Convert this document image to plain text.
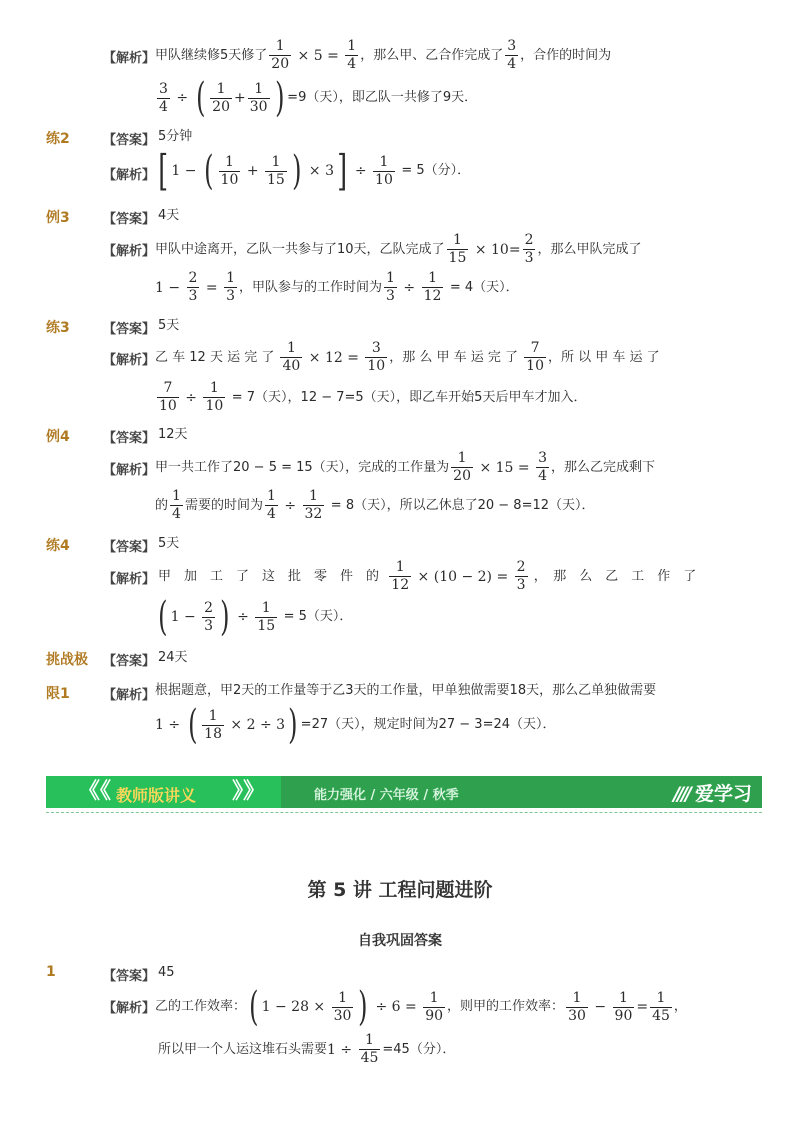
【解析】 甲队继续修5天修了 $\frac{1}{20} \times 5 = \frac{1}{4}$ ，那么甲、乙合作完成了
3
4
，合作的时间为
$\frac{3}{4}$ ÷ ( 1
20
+ $\frac{1}{30}$ ) =9（天），即乙队一共修了9天．
练2	【答案】 5分钟
【解析】 [ 1 − ( 1
10
+ $\frac{1}{15}$ ) × 3 ] ÷ $\frac{1}{10}$
= 5（分）．
例3	【答案】 4天
【解析】 甲队中途离开，乙队一共参与了10天，乙队完成了 $\frac{1}{15} \times 10= \frac{2}{3}$ ，那么甲队完成了
$1 - \frac{2}{3} = \frac{1}{3}$ ，甲队参与的工作时间为 $\frac{1}{3} \div \frac{1}{12}$
= 4（天）．
练3	【答案】 5天
【解析】 乙 车 12 天 运 完 了
$\frac{1}{40} \times 12 = \frac{3}{10}$ ，那 么 甲 车 运 完 了

7
10
，所 以 甲 车 运 了
$\frac{7}{10} \div \frac{1}{10}$
= 7（天），12 − 7=5（天），即乙车开始5天后甲车才加入．
例4	【答案】 12天
【解析】 甲一共工作了20 − 5 = 15（天），完成的工作量为 $\frac{1}{20} \times 15 = \frac{3}{4}$ ，那么乙完成剩下
的
1
4
需要的时间为 $\frac{1}{4} \div \frac{1}{32}$
= 8（天），所以乙休息了20 − 8=12（天）．
练4	【答案】 5天
【解析】 甲　加　工　了　这　批　零　件　的
$\frac{1}{12} \times (10 - 2) = \frac{2}{3}$
，　那　么　乙　工　作　了
( $1 - \frac{2}{3}$ ) ÷ $\frac{1}{15}$
= 5（天）．
挑战极 【答案】 24天
限1	【解析】 根据题意，甲2天的工作量等于乙3天的工作量，甲单独做需要18天，那么乙单独做需要
1 ÷ ( $\frac{1}{18} \times 2 \div 3$ ) =27（天），规定时间为27 − 3=24（天）．
《《 教师版讲义 》》	能力强化 / 六年级 / 秋季	//// 爱学习
第 5 讲 工程问题进阶
自我巩固答案
1	【答案】 45
【解析】 乙的工作效率： ( $1 - 28 \times \frac{1}{30}$ ) ÷ $6 = \frac{1}{90}$ ，则甲的工作效率：
1
30
− $\frac{1}{90} = \frac{1}{45}$ ，
所以甲一个人运这堆石头需要 $1 \div \frac{1}{45} =45$（分）．
